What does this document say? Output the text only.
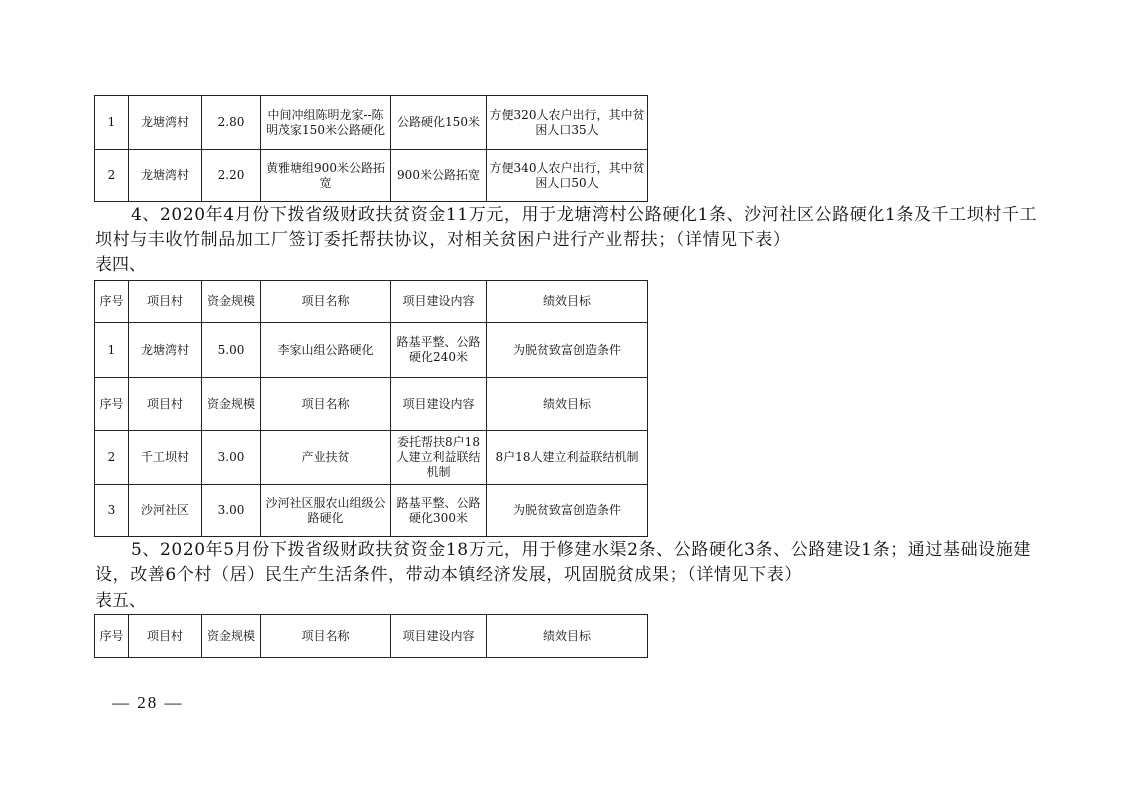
1	龙塘湾村	2.80	中间冲组陈明龙家--陈明茂家150米公路硬化	公路硬化150米	方便320人农户出行，其中贫困人口35人
2	龙塘湾村	2.20	黄雅塘组900米公路拓宽	900米公路拓宽	方便340人农户出行，其中贫困人口50人

4、2020年4月份下拨省级财政扶贫资金11万元，用于龙塘湾村公路硬化1条、沙河社区公路硬化1条及千工坝村千工坝村与丰收竹制品加工厂签订委托帮扶协议，对相关贫困户进行产业帮扶；（详情见下表）

表四、

序号	项目村	资金规模	项目名称	项目建设内容	绩效目标
1	龙塘湾村	5.00	李家山组公路硬化	路基平整、公路硬化240米	为脱贫致富创造条件
序号	项目村	资金规模	项目名称	项目建设内容	绩效目标
2	千工坝村	3.00	产业扶贫	委托帮扶8户18人建立利益联结机制	8户18人建立利益联结机制
3	沙河社区	3.00	沙河社区服农山组级公路硬化	路基平整、公路硬化300米	为脱贫致富创造条件

5、2020年5月份下拨省级财政扶贫资金18万元，用于修建水渠2条、公路硬化3条、公路建设1条；通过基础设施建设，改善6个村（居）民生产生活条件，带动本镇经济发展，巩固脱贫成果；（详情见下表）

表五、

序号	项目村	资金规模	项目名称	项目建设内容	绩效目标
— 28 —
